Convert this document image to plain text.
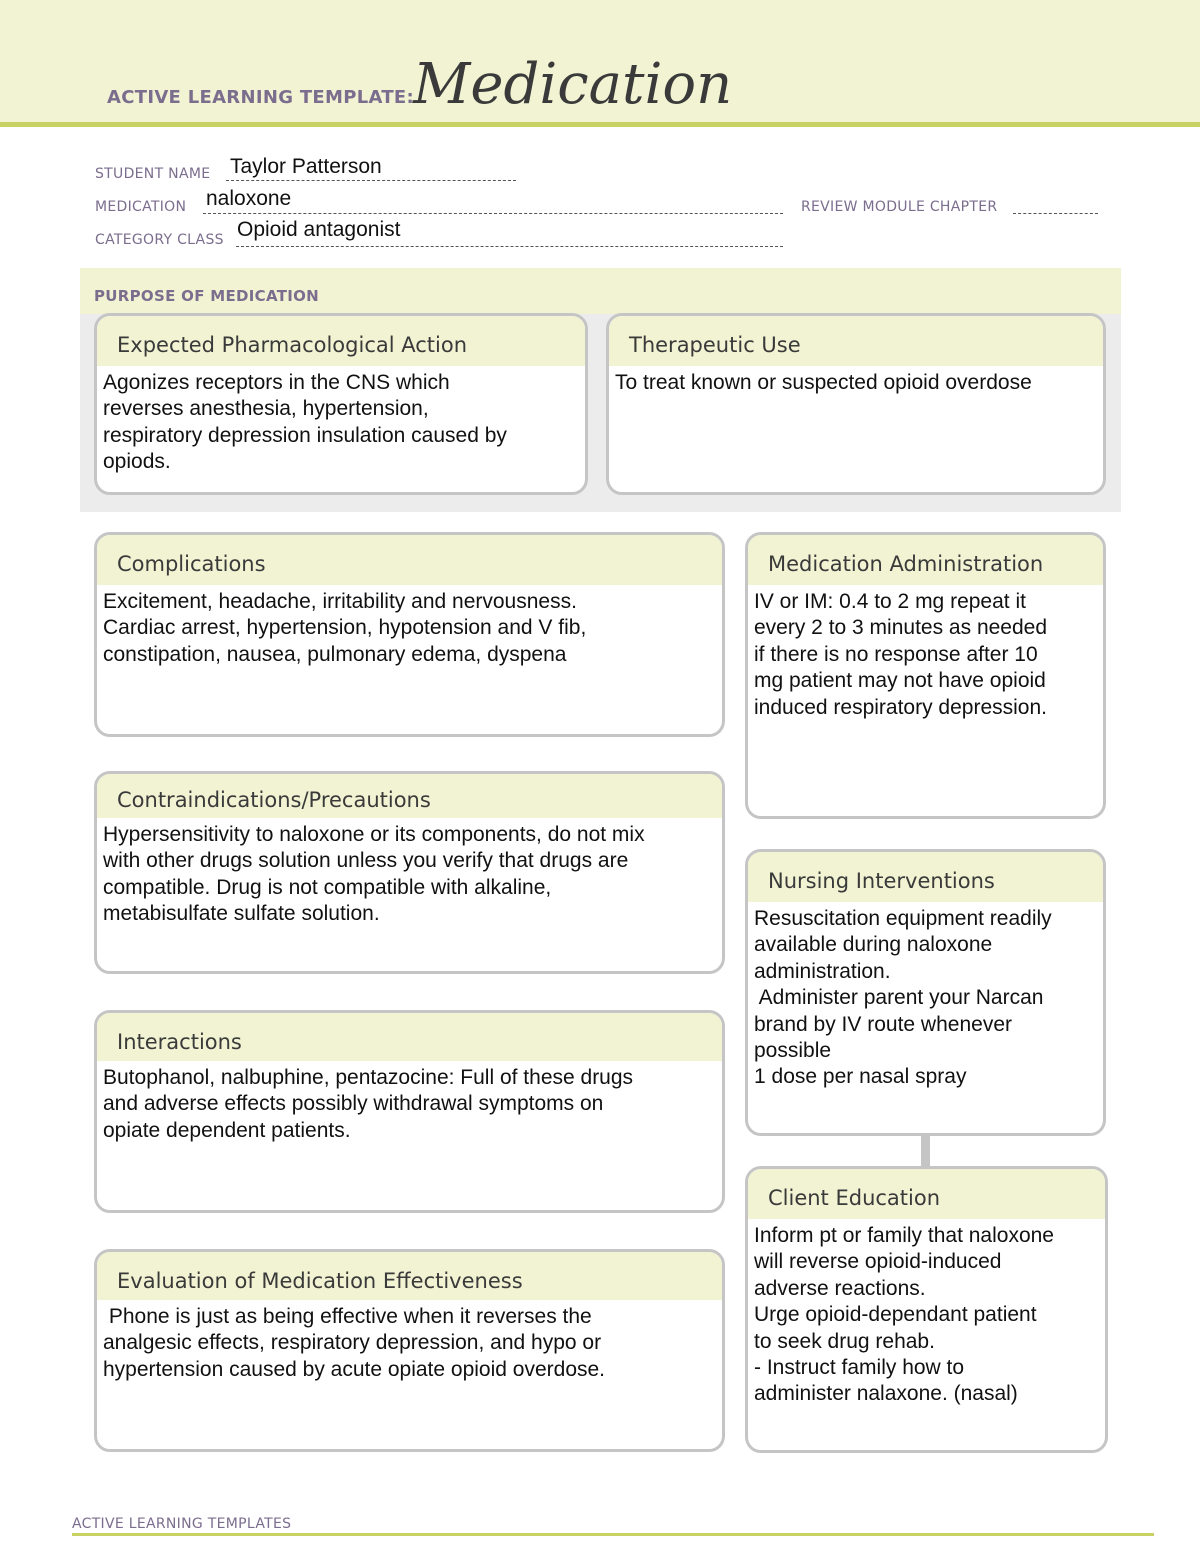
ACTIVE LEARNING TEMPLATE: Medication
STUDENT NAME Taylor Patterson
MEDICATION naloxone	REVIEW MODULE CHAPTER
CATEGORY CLASS Opioid antagonist
PURPOSE OF MEDICATION
Expected Pharmacological Action
Agonizes receptors in the CNS which
reverses anesthesia, hypertension,
respiratory depression insulation caused by
opiods.
Therapeutic Use
To treat known or suspected opioid overdose
Complications
Excitement, headache, irritability and nervousness.
Cardiac arrest, hypertension, hypotension and V fib,
constipation, nausea, pulmonary edema, dyspena
Medication Administration
IV or IM: 0.4 to 2 mg repeat it
every 2 to 3 minutes as needed
if there is no response after 10
mg patient may not have opioid
induced respiratory depression.
Contraindications/Precautions
Hypersensitivity to naloxone or its components, do not mix
with other drugs solution unless you verify that drugs are
compatible. Drug is not compatible with alkaline,
metabisulfate sulfate solution.
Nursing Interventions
Resuscitation equipment readily
available during naloxone
administration.
Administer parent your Narcan
brand by IV route whenever
possible
1 dose per nasal spray
Interactions
Butophanol, nalbuphine, pentazocine: Full of these drugs
and adverse effects possibly withdrawal symptoms on
opiate dependent patients.
Client Education
Inform pt or family that naloxone
will reverse opioid-induced
adverse reactions.
Urge opioid-dependant patient
to seek drug rehab.
- Instruct family how to
administer nalaxone. (nasal)
Evaluation of Medication Effectiveness
Phone is just as being effective when it reverses the
analgesic effects, respiratory depression, and hypo or
hypertension caused by acute opiate opioid overdose.
ACTIVE LEARNING TEMPLATES
